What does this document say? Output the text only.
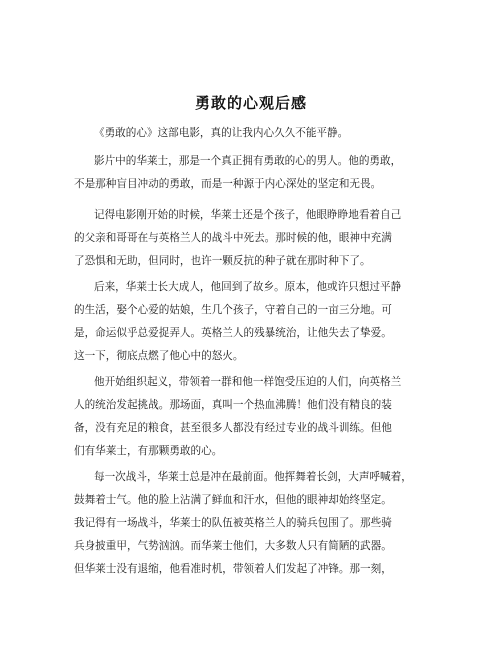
勇敢的心观后感
《勇敢的心》这部电影，真的让我内心久久不能平静。
影片中的华莱士，那是一个真正拥有勇敢的心的男人。他的勇敢，
不是那种盲目冲动的勇敢，而是一种源于内心深处的坚定和无畏。
记得电影刚开始的时候，华莱士还是个孩子，他眼睁睁地看着自己
的父亲和哥哥在与英格兰人的战斗中死去。那时候的他，眼神中充满
了恐惧和无助，但同时，也许一颗反抗的种子就在那时种下了。
后来，华莱士长大成人，他回到了故乡。原本，他或许只想过平静
的生活，娶个心爱的姑娘，生几个孩子，守着自己的一亩三分地。可
是，命运似乎总爱捉弄人。英格兰人的残暴统治，让他失去了挚爱。
这一下，彻底点燃了他心中的怒火。
他开始组织起义，带领着一群和他一样饱受压迫的人们，向英格兰
人的统治发起挑战。那场面，真叫一个热血沸腾！他们没有精良的装
备，没有充足的粮食，甚至很多人都没有经过专业的战斗训练。但他
们有华莱士，有那颗勇敢的心。
每一次战斗，华莱士总是冲在最前面。他挥舞着长剑，大声呼喊着，
鼓舞着士气。他的脸上沾满了鲜血和汗水，但他的眼神却始终坚定。
我记得有一场战斗，华莱士的队伍被英格兰人的骑兵包围了。那些骑
兵身披重甲，气势汹汹。而华莱士他们，大多数人只有简陋的武器。
但华莱士没有退缩，他看准时机，带领着人们发起了冲锋。那一刻，
